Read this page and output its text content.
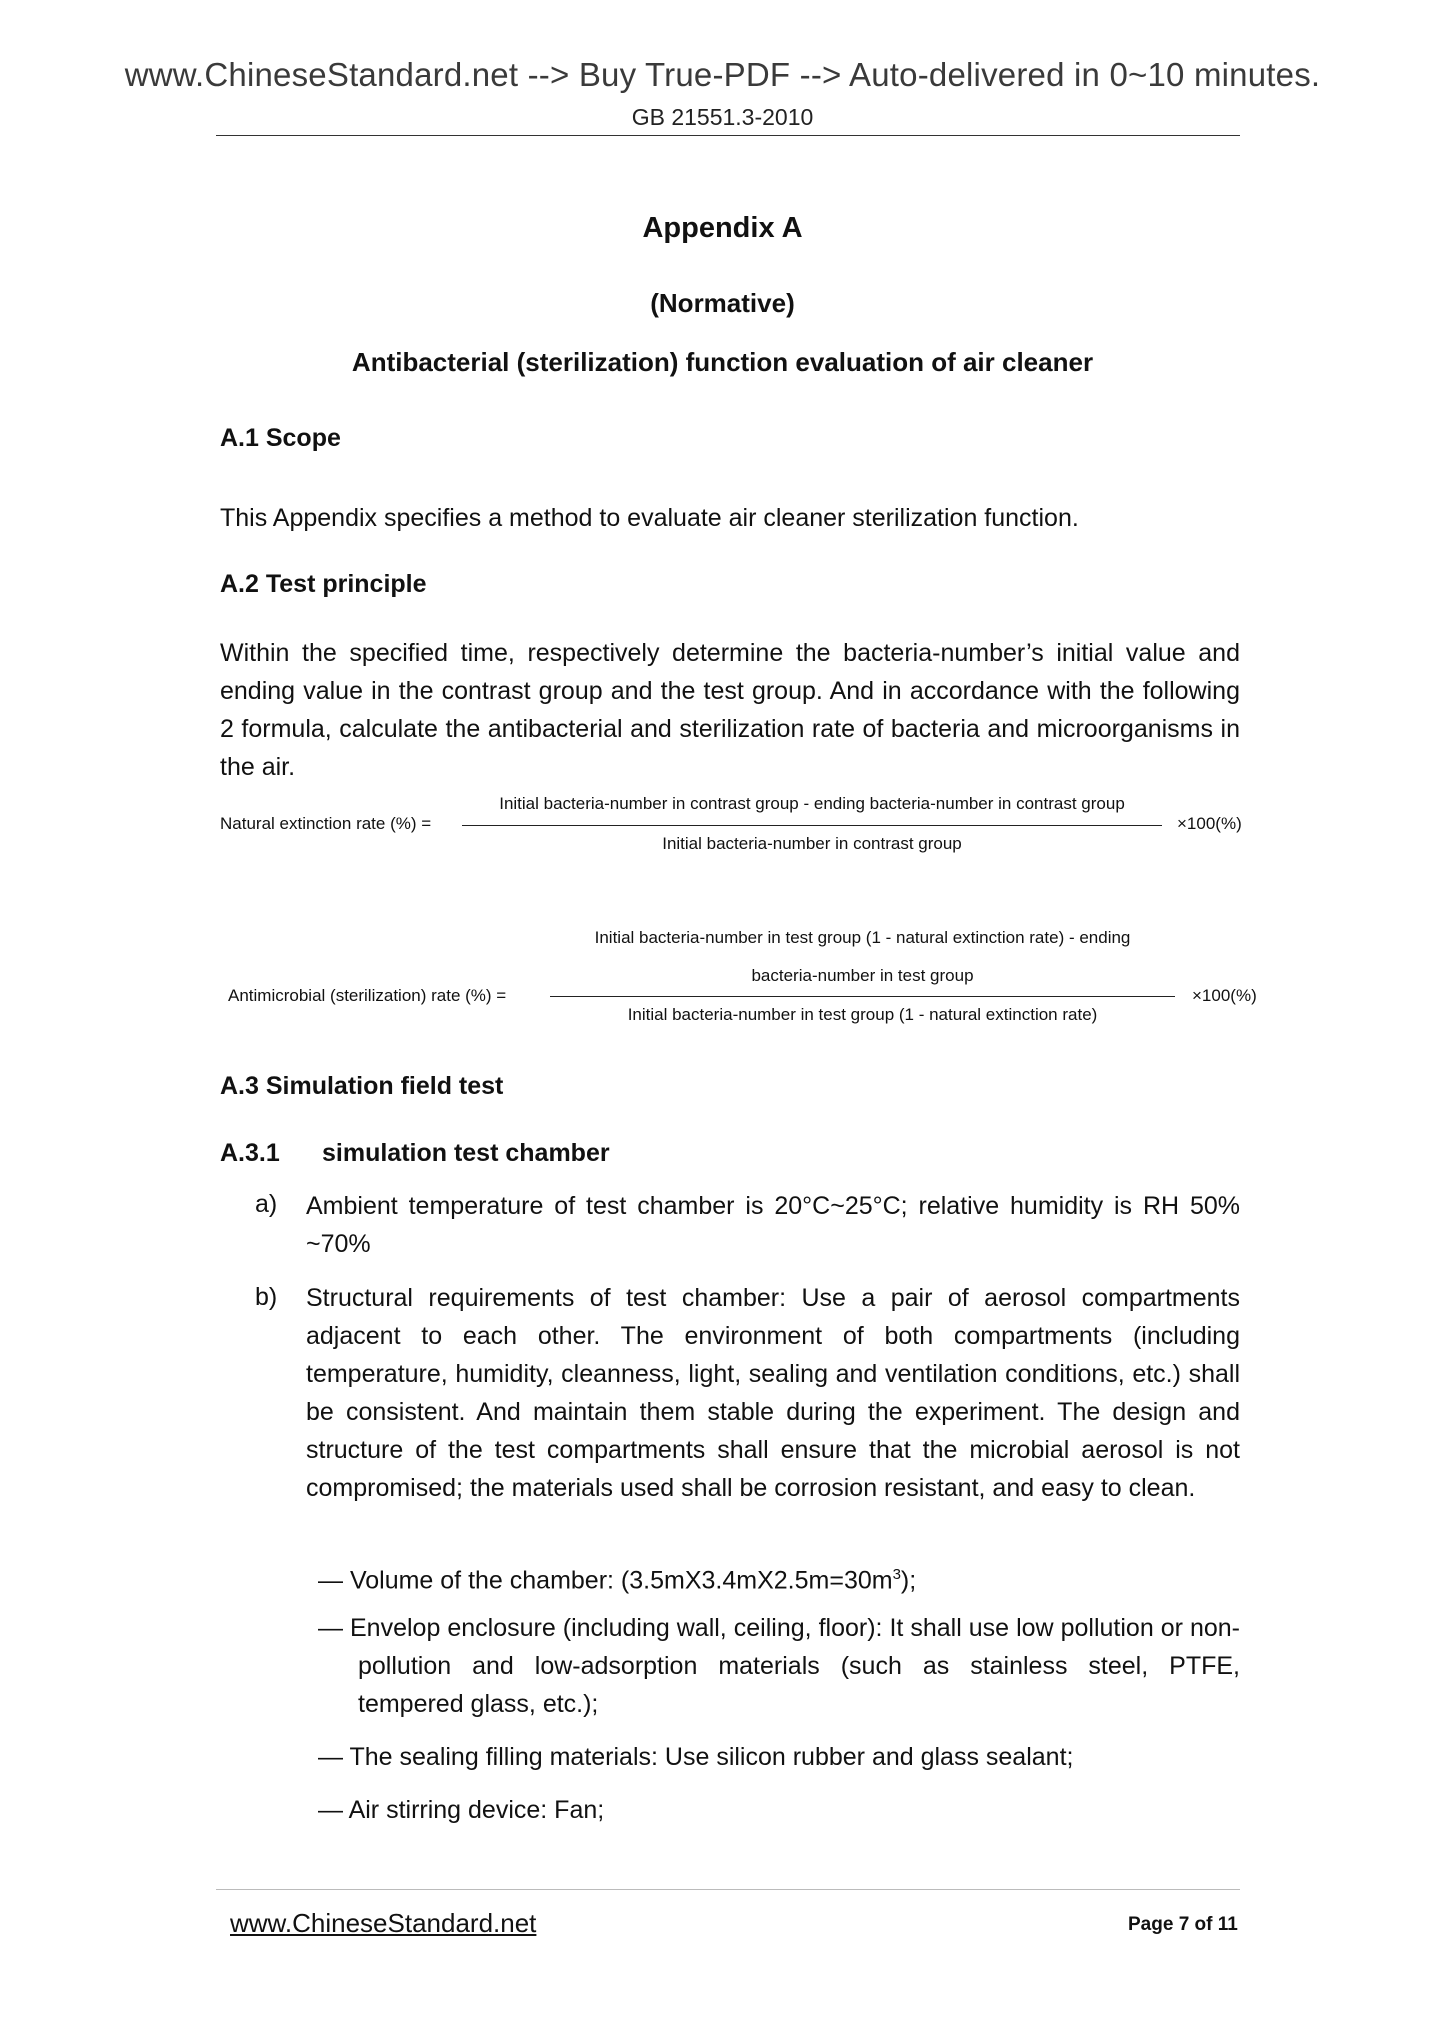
www.ChineseStandard.net --> Buy True-PDF --> Auto-delivered in 0~10 minutes.
GB 21551.3-2010
Appendix A
(Normative)
Antibacterial (sterilization) function evaluation of air cleaner
A.1 Scope
This Appendix specifies a method to evaluate air cleaner sterilization function.
A.2 Test principle
Within the specified time, respectively determine the bacteria-number’s initial value and ending value in the contrast group and the test group. And in accordance with the following 2 formula, calculate the antibacterial and sterilization rate of bacteria and microorganisms in the air.
Natural extinction rate (%) =
Initial bacteria-number in contrast group - ending bacteria-number in contrast group
Initial bacteria-number in contrast group
×100(%)
Antimicrobial (sterilization) rate (%) =
Initial bacteria-number in test group (1 - natural extinction rate) - ending
bacteria-number in test group
Initial bacteria-number in test group (1 - natural extinction rate)
×100(%)
A.3 Simulation field test
A.3.1 simulation test chamber
a) Ambient temperature of test chamber is 20°C~25°C; relative humidity is RH 50% ~70%
b) Structural requirements of test chamber: Use a pair of aerosol compartments adjacent to each other. The environment of both compartments (including temperature, humidity, cleanness, light, sealing and ventilation conditions, etc.) shall be consistent. And maintain them stable during the experiment. The design and structure of the test compartments shall ensure that the microbial aerosol is not compromised; the materials used shall be corrosion resistant, and easy to clean.
— Volume of the chamber: $(3.5mX3.4mX2.5m=30m^3)$;
— Envelop enclosure (including wall, ceiling, floor): It shall use low pollution or non-pollution and low-adsorption materials (such as stainless steel, PTFE, tempered glass, etc.);
— The sealing filling materials: Use silicon rubber and glass sealant;
— Air stirring device: Fan;
www.ChineseStandard.net	Page 7 of 11
